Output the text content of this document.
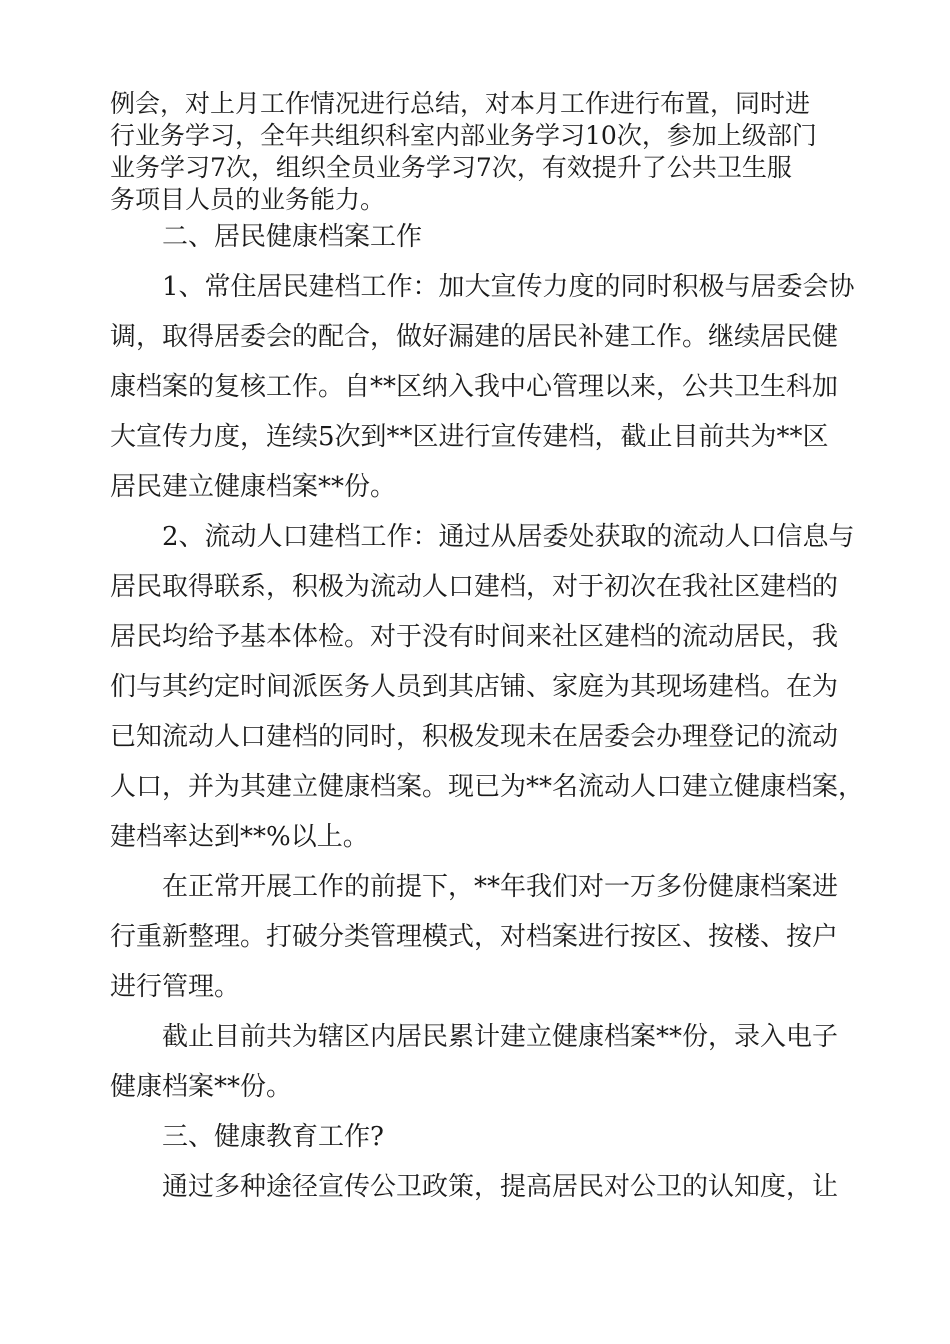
例会，对上月工作情况进行总结，对本月工作进行布置，同时进

行业务学习，全年共组织科室内部业务学习10次，参加上级部门

业务学习7次，组织全员业务学习7次，有效提升了公共卫生服

务项目人员的业务能力。

二、居民健康档案工作

1、常住居民建档工作：加大宣传力度的同时积极与居委会协

调，取得居委会的配合，做好漏建的居民补建工作。继续居民健

康档案的复核工作。自**区纳入我中心管理以来，公共卫生科加

大宣传力度，连续5次到**区进行宣传建档，截止目前共为**区

居民建立健康档案**份。

2、流动人口建档工作：通过从居委处获取的流动人口信息与

居民取得联系，积极为流动人口建档，对于初次在我社区建档的

居民均给予基本体检。对于没有时间来社区建档的流动居民，我

们与其约定时间派医务人员到其店铺、家庭为其现场建档。在为

已知流动人口建档的同时，积极发现未在居委会办理登记的流动

人口，并为其建立健康档案。现已为**名流动人口建立健康档案，

建档率达到**%以上。

在正常开展工作的前提下，**年我们对一万多份健康档案进

行重新整理。打破分类管理模式，对档案进行按区、按楼、按户

进行管理。

截止目前共为辖区内居民累计建立健康档案**份，录入电子

健康档案**份。

三、健康教育工作?

通过多种途径宣传公卫政策，提高居民对公卫的认知度，让
